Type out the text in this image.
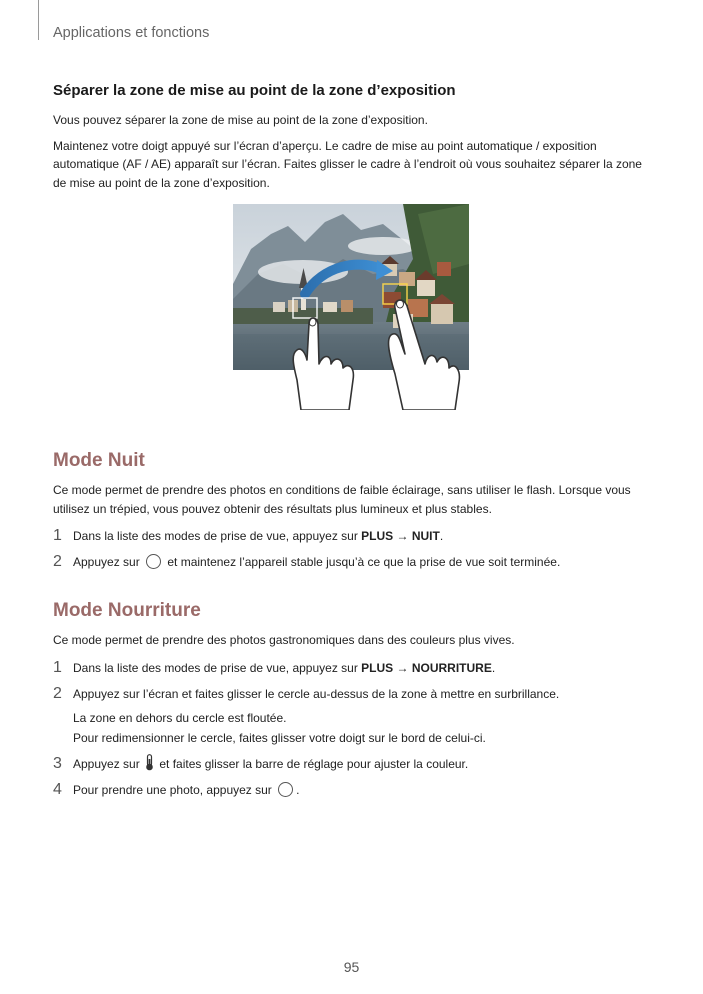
Applications et fonctions
Séparer la zone de mise au point de la zone d’exposition

Vous pouvez séparer la zone de mise au point de la zone d’exposition.

Maintenez votre doigt appuyé sur l’écran d’aperçu. Le cadre de mise au point automatique / exposition automatique (AF / AE) apparaît sur l’écran. Faites glisser le cadre à l’endroit où vous souhaitez séparer la zone de mise au point de la zone d’exposition.

Mode Nuit

Ce mode permet de prendre des photos en conditions de faible éclairage, sans utiliser le flash. Lorsque vous utilisez un trépied, vous pouvez obtenir des résultats plus lumineux et plus stables.

1 Dans la liste des modes de prise de vue, appuyez sur PLUS → NUIT.
2 Appuyez sur  et maintenez l’appareil stable jusqu’à ce que la prise de vue soit terminée.
Mode Nourriture

Ce mode permet de prendre des photos gastronomiques dans des couleurs plus vives.

1 Dans la liste des modes de prise de vue, appuyez sur PLUS → NOURRITURE.
2 Appuyez sur l’écran et faites glisser le cercle au-dessus de la zone à mettre en surbrillance.
La zone en dehors du cercle est floutée.
Pour redimensionner le cercle, faites glisser votre doigt sur le bord de celui-ci.
3 Appuyez sur  et faites glisser la barre de réglage pour ajuster la couleur.
4 Pour prendre une photo, appuyez sur .
95
